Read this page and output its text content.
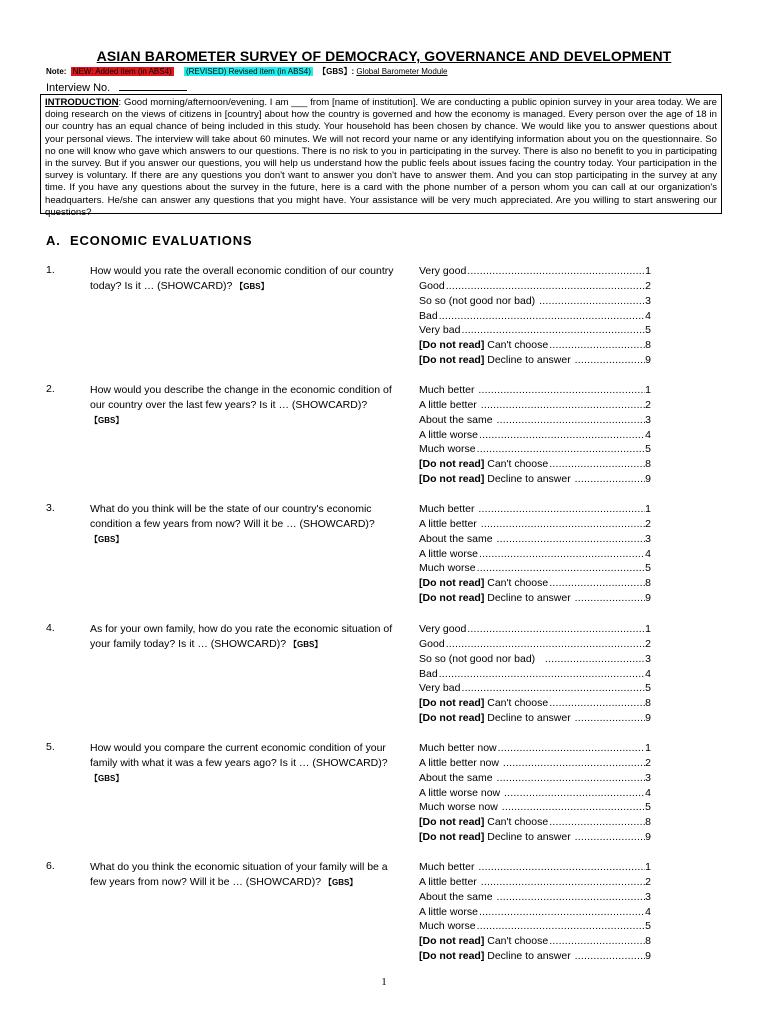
ASIAN BAROMETER SURVEY OF DEMOCRACY, GOVERNANCE AND DEVELOPMENT
Note: NEW: Added item (in ABS4) (REVISED) Revised item (in ABS4) 【GBS】: Global Barometer Module
Interview No.
INTRODUCTION: Good morning/afternoon/evening. I am ___ from [name of institution]. We are conducting a public opinion survey in your area today. We are doing research on the views of citizens in [country] about how the country is governed and how the economy is managed. Every person over the age of 18 in our country has an equal chance of being included in this study. Your household has been chosen by chance. We would like you to answer questions about your personal views. The interview will take about 60 minutes. We will not record your name or any identifying information about you on the questionnaire. So no one will know who gave which answers to our questions. There is no risk to you in participating in the survey. There is also no benefit to you in participating in the survey. But if you answer our questions, you will help us understand how the public feels about issues facing the country today. Your participation in the survey is voluntary. If there are any questions you don't want to answer you don't have to answer them. And you can stop participating in the survey at any time. If you have any questions about the survey in the future, here is a card with the phone number of a person whom you can call at our organization's headquarters. He/she can answer any questions that you might have. Your assistance will be very much appreciated. Are you willing to start answering our questions?
A. ECONOMIC EVALUATIONS
1.	How would you rate the overall economic condition of our country today? Is it … (SHOWCARD)? 【GBS】
Very good .....	1
Good .....	2
So so (not good nor bad) .....	3
Bad .....	4
Very bad .....	5
[Do not read] Can't choose .....	8
[Do not read] Decline to answer .....	9
2.	How would you describe the change in the economic condition of our country over the last few years? Is it … (SHOWCARD)? 【GBS】
Much better .....	1
A little better .....	2
About the same .....	3
A little worse .....	4
Much worse .....	5
[Do not read] Can't choose .....	8
[Do not read] Decline to answer .....	9
3.	What do you think will be the state of our country's economic condition a few years from now? Will it be … (SHOWCARD)? 【GBS】
Much better .....	1
A little better .....	2
About the same .....	3
A little worse .....	4
Much worse .....	5
[Do not read] Can't choose .....	8
[Do not read] Decline to answer .....	9
4.	As for your own family, how do you rate the economic situation of your family today? Is it … (SHOWCARD)? 【GBS】
Very good .....	1
Good .....	2
So so (not good nor bad) .....	3
Bad .....	4
Very bad .....	5
[Do not read] Can't choose .....	8
[Do not read] Decline to answer .....	9
5.	How would you compare the current economic condition of your family with what it was a few years ago? Is it … (SHOWCARD)? 【GBS】
Much better now .....	1
A little better now .....	2
About the same .....	3
A little worse now .....	4
Much worse now .....	5
[Do not read] Can't choose .....	8
[Do not read] Decline to answer .....	9
6.	What do you think the economic situation of your family will be a few years from now? Will it be … (SHOWCARD)? 【GBS】
Much better .....	1
A little better .....	2
About the same .....	3
A little worse .....	4
Much worse .....	5
[Do not read] Can't choose .....	8
[Do not read] Decline to answer .....	9
1
